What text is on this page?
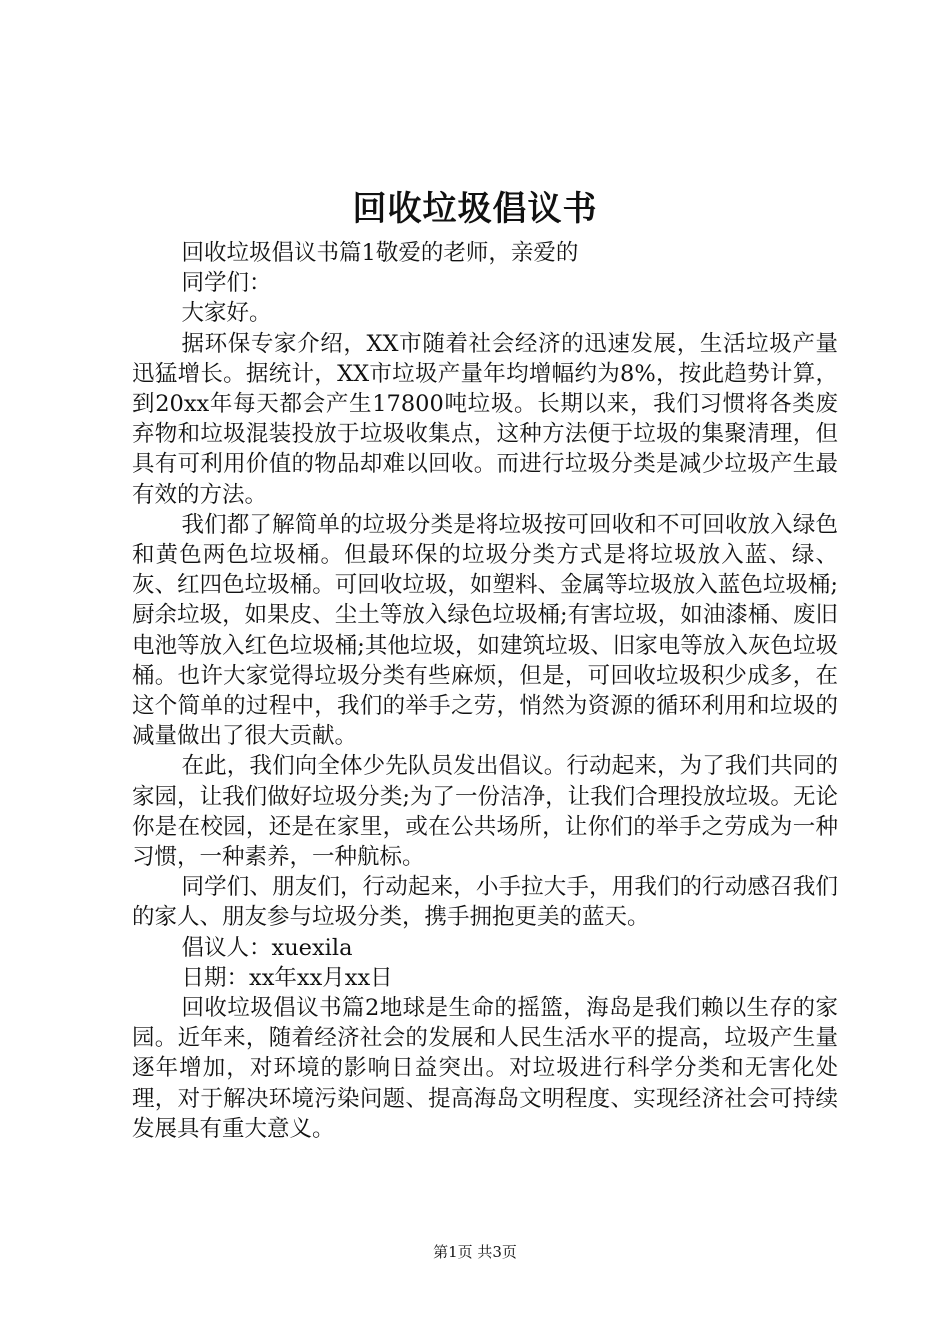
回收垃圾倡议书

回收垃圾倡议书篇1敬爱的老师，亲爱的

同学们：

大家好。

据环保专家介绍，XX市随着社会经济的迅速发展，生活垃圾产量迅猛增长。据统计，XX市垃圾产量年均增幅约为8%，按此趋势计算，到20xx年每天都会产生17800吨垃圾。长期以来，我们习惯将各类废弃物和垃圾混装投放于垃圾收集点，这种方法便于垃圾的集聚清理，但具有可利用价值的物品却难以回收。而进行垃圾分类是减少垃圾产生最有效的方法。

我们都了解简单的垃圾分类是将垃圾按可回收和不可回收放入绿色和黄色两色垃圾桶。但最环保的垃圾分类方式是将垃圾放入蓝、绿、灰、红四色垃圾桶。可回收垃圾，如塑料、金属等垃圾放入蓝色垃圾桶;厨余垃圾，如果皮、尘土等放入绿色垃圾桶;有害垃圾，如油漆桶、废旧电池等放入红色垃圾桶;其他垃圾，如建筑垃圾、旧家电等放入灰色垃圾桶。也许大家觉得垃圾分类有些麻烦，但是，可回收垃圾积少成多，在这个简单的过程中，我们的举手之劳，悄然为资源的循环利用和垃圾的减量做出了很大贡献。

在此，我们向全体少先队员发出倡议。行动起来，为了我们共同的家园，让我们做好垃圾分类;为了一份洁净，让我们合理投放垃圾。无论你是在校园，还是在家里，或在公共场所，让你们的举手之劳成为一种习惯，一种素养，一种航标。

同学们、朋友们，行动起来，小手拉大手，用我们的行动感召我们的家人、朋友参与垃圾分类，携手拥抱更美的蓝天。

倡议人：xuexila

日期：xx年xx月xx日

回收垃圾倡议书篇2地球是生命的摇篮，海岛是我们赖以生存的家园。近年来，随着经济社会的发展和人民生活水平的提高，垃圾产生量逐年增加，对环境的影响日益突出。对垃圾进行科学分类和无害化处理，对于解决环境污染问题、提高海岛文明程度、实现经济社会可持续发展具有重大意义。

第1页 共3页
